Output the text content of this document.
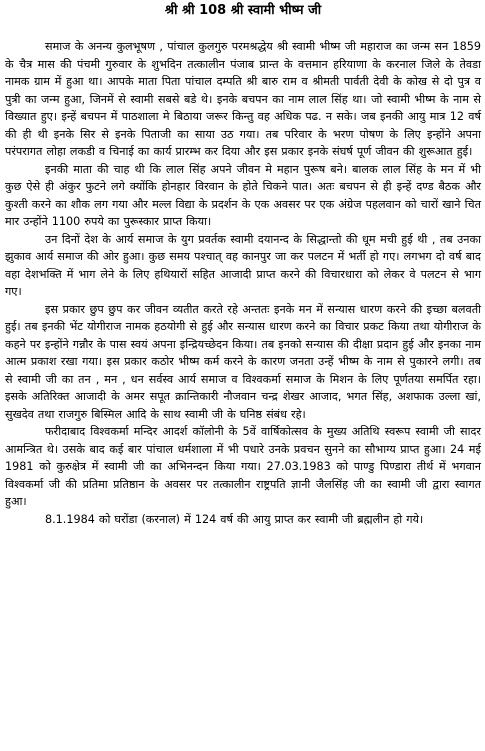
श्री श्री 108 श्री स्वामी भीष्म जी

समाज के अनन्य कुलभूषण , पांचाल कुलगुरु परमश्रद्धेय श्री स्वामी भीष्म जी महाराज का जन्म सन 1859 के चैत्र मास की पंचमी गुरुवार के शुभदिन तत्कालीन पंजाब प्रान्त के वत्त‌मान हरियाणा के करनाल जिले के तेवडा नामक ग्राम में हुआ था। आपके माता पिता पांचाल दम्पति श्री बारु राम व श्रीमती पार्वती देवी के कोख से दो पुत्र व पुत्री का जन्म हुआ, जिनमें से स्वामी सबसे बडे थे। इनके बचपन का नाम लाल सिंह था। जो स्वामी भीष्म के नाम से विख्यात हुए। इन्हें बचपन में पाठशाला मे बिठाया जरूर किन्तु वह अधिक पढ. न सके। जब इनकी आयु मात्र 12 वर्ष की ही थी इनके सिर से इनके पिताजी का साया उठ गया। तब परिवार के भरण पोषण के लिए इन्होंने अपना परंपरागत लोहा लकडी व चिनाई का कार्य प्रारम्भ कर दिया और इस प्रकार इनके संघर्ष पूर्ण जीवन की शुरूआत हुई।

इनकी माता की चाह थी कि लाल सिंह अपने जीवन मे महान पुरूष बने। बालक लाल सिंह के मन में भी कुछ ऐसे ही अंकुर फुटने लगे क्योंकि होनहार विरवान के होते चिकने पात। अतः बचपन से ही इन्हें दण्ड बैठक और कुश्ती करने का शौक लग गया और मल्ल विद्या के प्रदर्शन के एक अवसर पर एक अंग्रेज पहलवान को चारों खाने चित मार उन्होंने 1100 रुपये का पुरूस्कार प्राप्त किया।

उन दिनों देश के आर्य समाज के युग प्रवर्तक स्वामी दयानन्द के सिद्धान्तो की धूम मची हुई थी , तब उनका झुकाव आर्य समाज की ओर हुआ। कुछ समय पश्चात् वह कानपुर जा कर पलटन में भर्ती हो गए। लगभग दो वर्ष बाद वहा देशभक्ति में भाग लेने के लिए हथियारों सहित आजादी प्राप्त करने की विचारधारा को लेकर वे पलटन से भाग गए।

इस प्रकार छुप छुप कर जीवन व्यतीत करते रहे अन्ततः इनके मन में सन्यास धारण करने की इच्छा बलवती हुई। तब इनकी भेंट योगीराज नामक हठयोगी से हुई और सन्यास धारण करने का विचार प्रकट किया तथा योगीराज के कहने पर इन्होंने गन्नौर के पास स्वयं अपना इन्द्रियच्छेदन किया। तब इनको सन्यास की दीक्षा प्रदान हुई और इनका नाम आत्म प्रकाश रखा गया। इस प्रकार कठोर भीष्म कर्म करने के कारण जनता उन्हें भीष्म के नाम से पुकारने लगी। तब से स्वामी जी का तन , मन , धन सर्वस्व आर्य समाज व विश्वकर्मा समाज के मिशन के लिए पूर्णतया समर्पित रहा। इसके अतिरिक्त आजादी के अमर सपूत क्रान्तिकारी नौजवान चन्द्र शेखर आजाद, भगत सिंह, अशफाक उल्ला खां, सुखदेव तथा राजगुरु बिस्मिल आदि के साथ स्वामी जी के घनिष्ठ संबंध रहे।

फरीदाबाद विश्वकर्मा मन्दिर आदर्श कॉलोनी के 5वें वार्षिकोत्सव के मुख्य अतिथि स्वरूप स्वामी जी सादर आमन्त्रित थे। उसके बाद कई बार पांचाल धर्मशाला में भी पधारे उनके प्रवचन सुनने का सौभाग्य प्राप्त हुआ। 24 मई 1981 को कुरुक्षेत्र में स्वामी जी का अभिनन्दन किया गया। 27.03.1983 को पाण्डु पिण्डारा तीर्थ में भगवान विश्वकर्मा जी की प्रतिमा प्रतिष्ठान के अवसर पर तत्कालीन राष्ट्रपति ज्ञानी जैलसिंह जी का स्वामी जी द्वारा स्वागत हुआ।

8.1.1984 को घरोंडा (करनाल) में 124 वर्ष की आयु प्राप्त कर स्वामी जी ब्रह्मलीन हो गये।
